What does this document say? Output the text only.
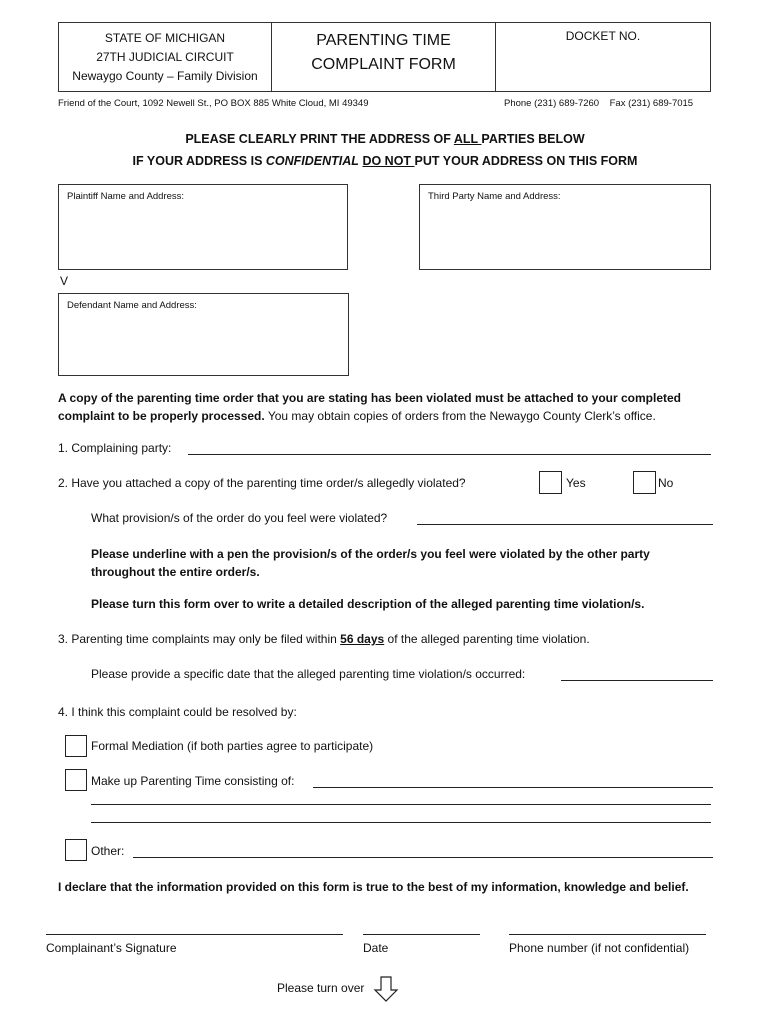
STATE OF MICHIGAN
27TH JUDICIAL CIRCUIT
Newaygo County – Family Division
PARENTING TIME
COMPLAINT FORM
DOCKET NO.
Friend of the Court, 1092 Newell St., PO BOX 885 White Cloud, MI 49349	Phone (231) 689-7260    Fax (231) 689-7015
PLEASE CLEARLY PRINT THE ADDRESS OF ALL PARTIES BELOW
IF YOUR ADDRESS IS CONFIDENTIAL DO NOT PUT YOUR ADDRESS ON THIS FORM
Plaintiff Name and Address:	Third Party Name and Address:
V
Defendant Name and Address:
A copy of the parenting time order that you are stating has been violated must be attached to your completed complaint to be properly processed. You may obtain copies of orders from the Newaygo County Clerk’s office.
1. Complaining party:
2. Have you attached a copy of the parenting time order/s allegedly violated?	Yes	No
What provision/s of the order do you feel were violated?
Please underline with a pen the provision/s of the order/s you feel were violated by the other party throughout the entire order/s.
Please turn this form over to write a detailed description of the alleged parenting time violation/s.
3. Parenting time complaints may only be filed within 56 days of the alleged parenting time violation.
Please provide a specific date that the alleged parenting time violation/s occurred:
4. I think this complaint could be resolved by:
Formal Mediation (if both parties agree to participate)
Make up Parenting Time consisting of:
Other:
I declare that the information provided on this form is true to the best of my information, knowledge and belief.
Complainant’s Signature	Date	Phone number (if not confidential)
Please turn over
